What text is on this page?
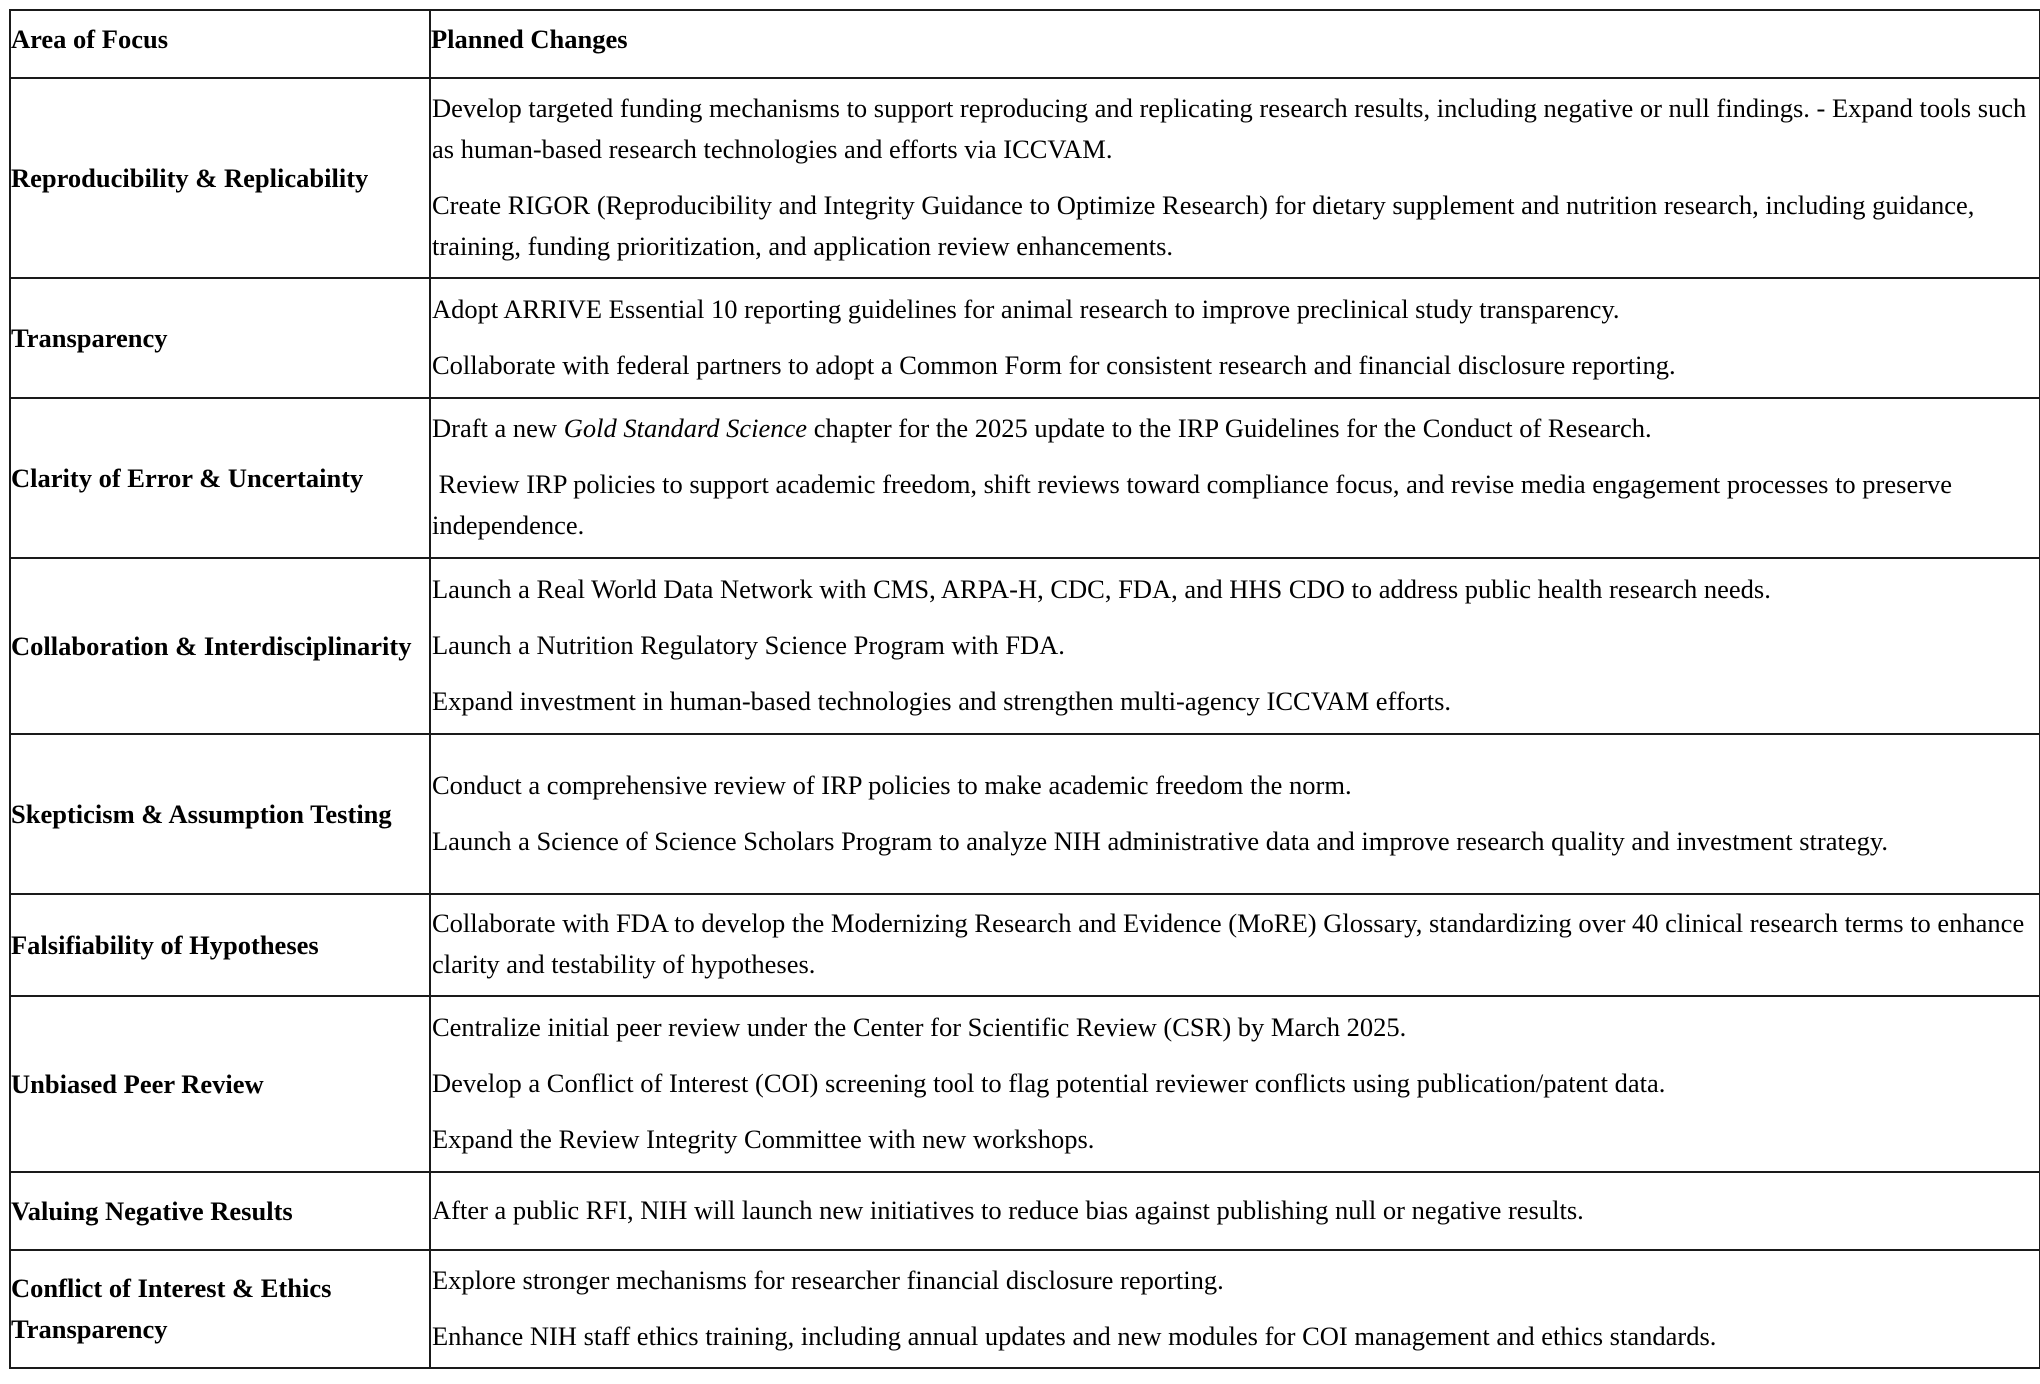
Area of Focus	Planned Changes
Reproducibility & Replicability	Develop targeted funding mechanisms to support reproducing and replicating research results, including negative or null findings. - Expand tools such as human-based research technologies and efforts via ICCVAM.

Create RIGOR (Reproducibility and Integrity Guidance to Optimize Research) for dietary supplement and nutrition research, including guidance, training, funding prioritization, and application review enhancements.

Transparency	Adopt ARRIVE Essential 10 reporting guidelines for animal research to improve preclinical study transparency.

Collaborate with federal partners to adopt a Common Form for consistent research and financial disclosure reporting.

Clarity of Error & Uncertainty	Draft a new Gold Standard Science chapter for the 2025 update to the IRP Guidelines for the Conduct of Research.

Review IRP policies to support academic freedom, shift reviews toward compliance focus, and revise media engagement processes to preserve independence.

Collaboration & Interdisciplinarity	Launch a Real World Data Network with CMS, ARPA-H, CDC, FDA, and HHS CDO to address public health research needs.

Launch a Nutrition Regulatory Science Program with FDA.

Expand investment in human-based technologies and strengthen multi-agency ICCVAM efforts.

Skepticism & Assumption Testing	Conduct a comprehensive review of IRP policies to make academic freedom the norm.

Launch a Science of Science Scholars Program to analyze NIH administrative data and improve research quality and investment strategy.

Falsifiability of Hypotheses	Collaborate with FDA to develop the Modernizing Research and Evidence (MoRE) Glossary, standardizing over 40 clinical research terms to enhance clarity and testability of hypotheses.

Unbiased Peer Review	Centralize initial peer review under the Center for Scientific Review (CSR) by March 2025.

Develop a Conflict of Interest (COI) screening tool to flag potential reviewer conflicts using publication/patent data.

Expand the Review Integrity Committee with new workshops.

Valuing Negative Results	After a public RFI, NIH will launch new initiatives to reduce bias against publishing null or negative results.

Conflict of Interest & Ethics Transparency	Explore stronger mechanisms for researcher financial disclosure reporting.

Enhance NIH staff ethics training, including annual updates and new modules for COI management and ethics standards.
